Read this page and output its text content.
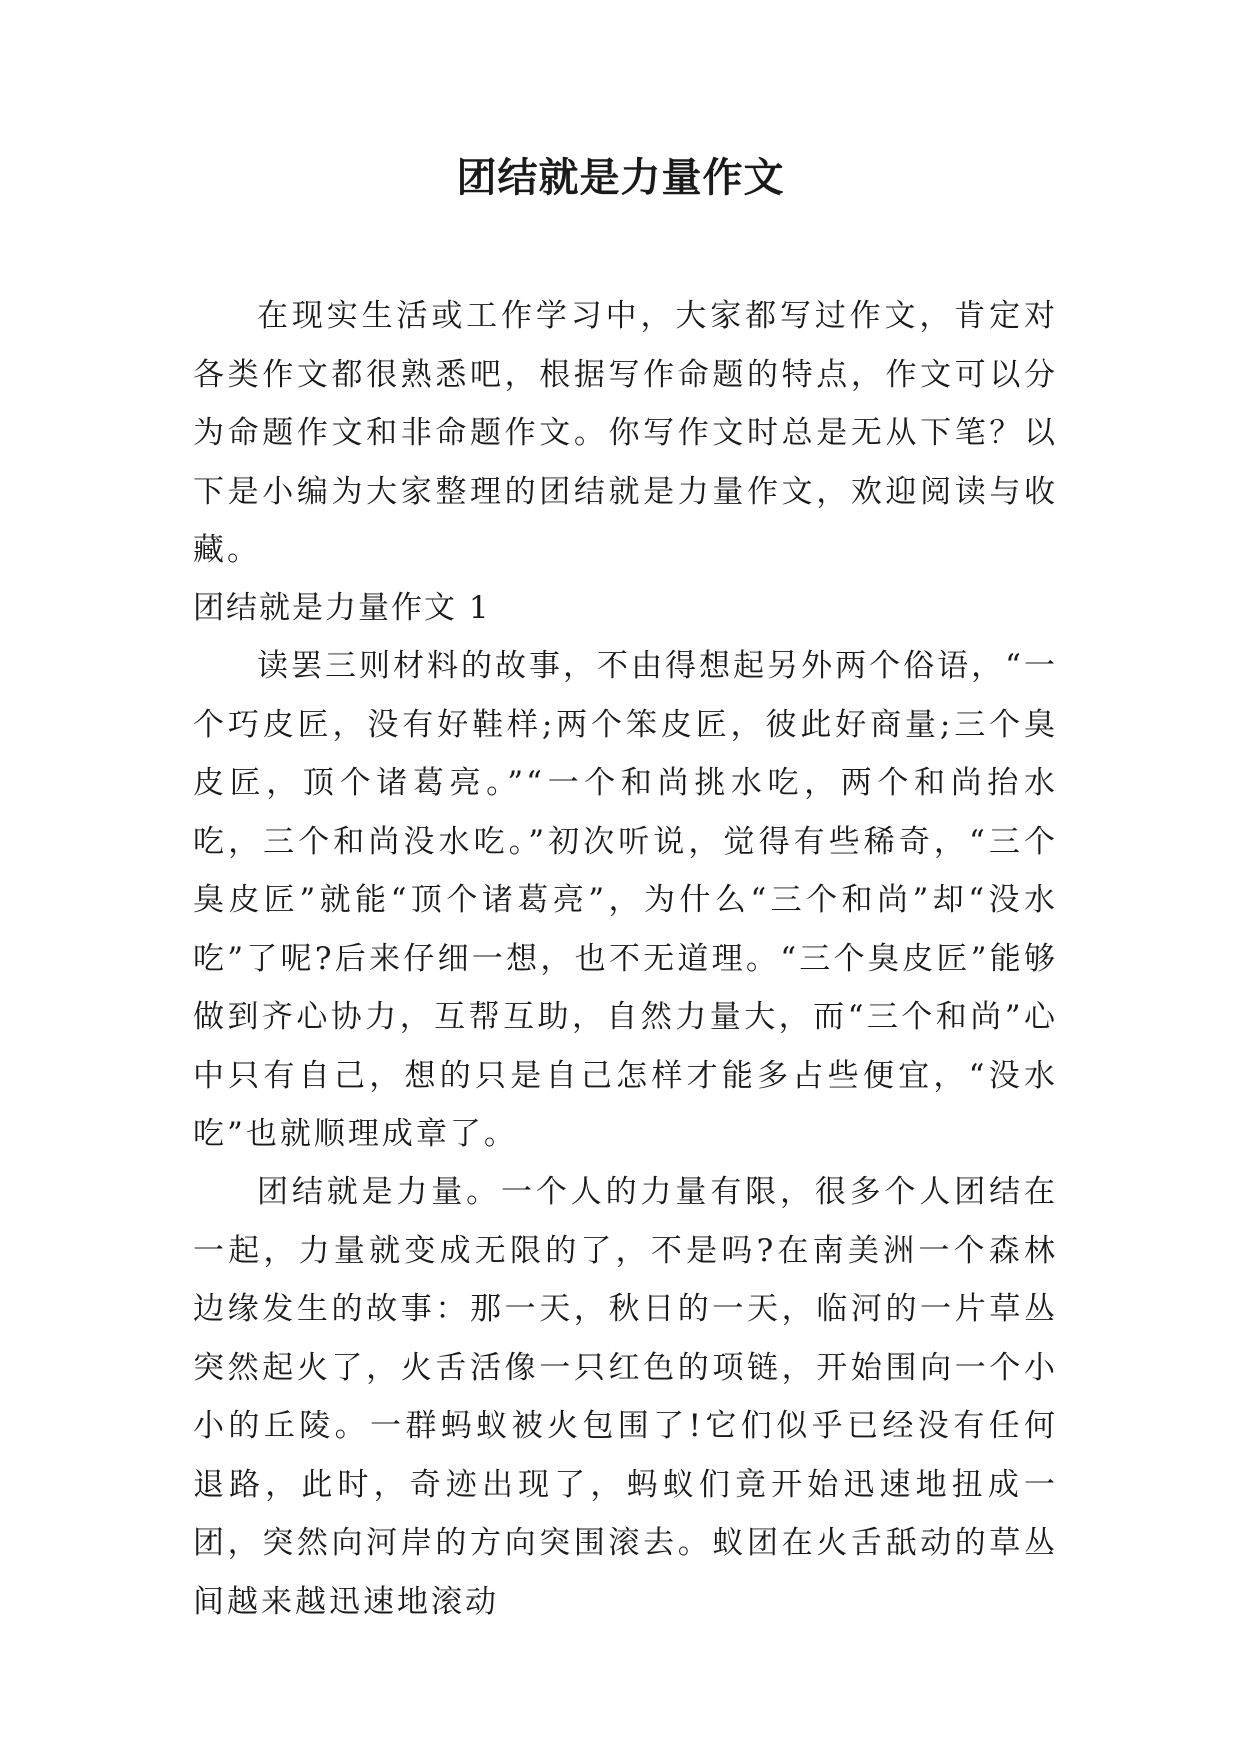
团结就是力量作文

在现实生活或工作学习中，大家都写过作文，肯定对各类作文都很熟悉吧，根据写作命题的特点，作文可以分为命题作文和非命题作文。你写作文时总是无从下笔？以下是小编为大家整理的团结就是力量作文，欢迎阅读与收藏。

团结就是力量作文 1

读罢三则材料的故事，不由得想起另外两个俗语，“一个巧皮匠，没有好鞋样;两个笨皮匠，彼此好商量;三个臭皮匠，顶个诸葛亮。”“一个和尚挑水吃，两个和尚抬水吃，三个和尚没水吃。”初次听说，觉得有些稀奇，“三个臭皮匠”就能“顶个诸葛亮”，为什么“三个和尚”却“没水吃”了呢?后来仔细一想，也不无道理。“三个臭皮匠”能够做到齐心协力，互帮互助，自然力量大，而“三个和尚”心中只有自己，想的只是自己怎样才能多占些便宜，“没水吃”也就顺理成章了。

团结就是力量。一个人的力量有限，很多个人团结在一起，力量就变成无限的了，不是吗?在南美洲一个森林边缘发生的故事：那一天，秋日的一天，临河的一片草丛突然起火了，火舌活像一只红色的项链，开始围向一个小小的丘陵。一群蚂蚁被火包围了!它们似乎已经没有任何退路，此时，奇迹出现了，蚂蚁们竟开始迅速地扭成一团，突然向河岸的方向突围滚去。蚁团在火舌舐动的草丛间越来越迅速地滚动
